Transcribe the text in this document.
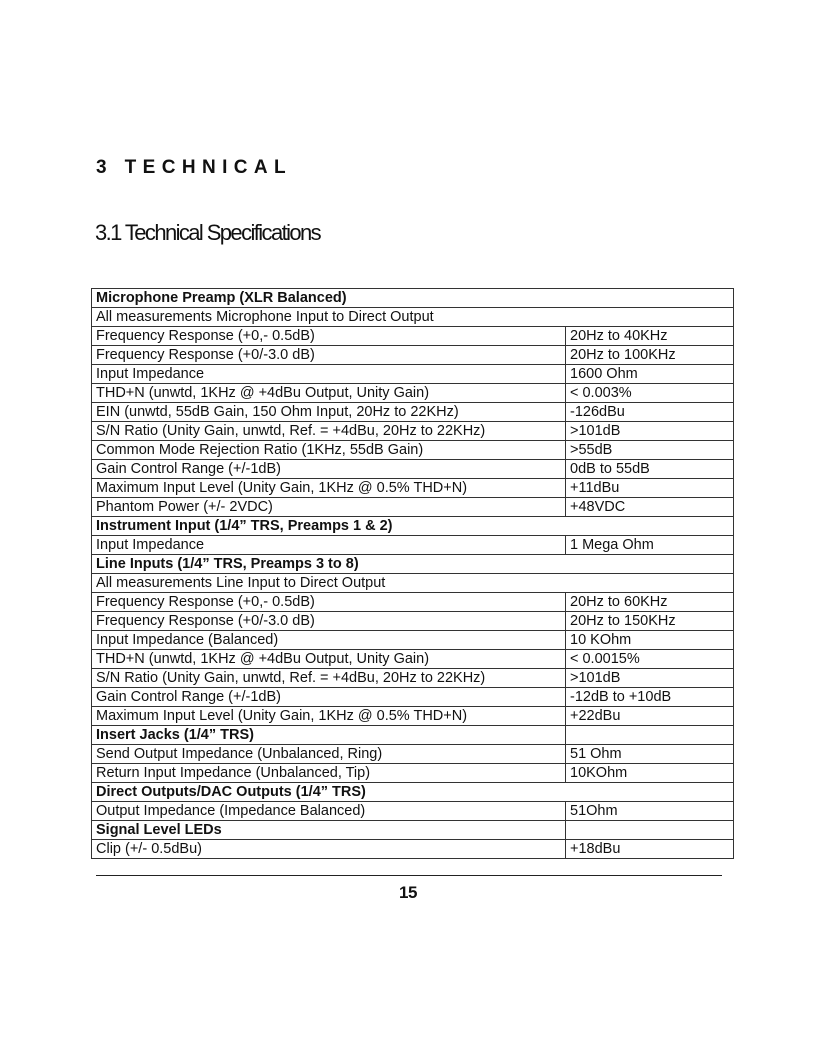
3 TECHNICAL
3.1 Technical Specifications
Microphone Preamp (XLR Balanced)	
All measurements Microphone Input to Direct Output	
Frequency Response (+0,- 0.5dB)	20Hz to 40KHz
Frequency Response (+0/-3.0 dB)	20Hz to 100KHz
Input Impedance	1600 Ohm
THD+N (unwtd, 1KHz @ +4dBu Output, Unity Gain)	< 0.003%
EIN (unwtd, 55dB Gain, 150 Ohm Input, 20Hz to 22KHz)	-126dBu
S/N Ratio (Unity Gain, unwtd, Ref. = +4dBu, 20Hz to 22KHz)	>101dB
Common Mode Rejection Ratio (1KHz, 55dB Gain)	>55dB
Gain Control Range (+/-1dB)	0dB to 55dB
Maximum Input Level (Unity Gain, 1KHz @ 0.5% THD+N)	+11dBu
Phantom Power (+/- 2VDC)	+48VDC
Instrument Input (1/4” TRS, Preamps 1 & 2)	
Input Impedance	1 Mega Ohm
Line Inputs (1/4” TRS, Preamps 3 to 8)	
All measurements Line Input to Direct Output	
Frequency Response (+0,- 0.5dB)	20Hz to 60KHz
Frequency Response (+0/-3.0 dB)	20Hz to 150KHz
Input Impedance (Balanced)	10 KOhm
THD+N (unwtd, 1KHz @ +4dBu Output, Unity Gain)	< 0.0015%
S/N Ratio (Unity Gain, unwtd, Ref. = +4dBu, 20Hz to 22KHz)	>101dB
Gain Control Range (+/-1dB)	-12dB to +10dB
Maximum Input Level (Unity Gain, 1KHz @ 0.5% THD+N)	+22dBu
Insert Jacks (1/4” TRS)	
Send Output Impedance (Unbalanced, Ring)	51 Ohm
Return Input Impedance (Unbalanced, Tip)	10KOhm
Direct Outputs/DAC Outputs (1/4” TRS)	
Output Impedance (Impedance Balanced)	51Ohm
Signal Level LEDs	
Clip (+/- 0.5dBu)	+18dBu
15
